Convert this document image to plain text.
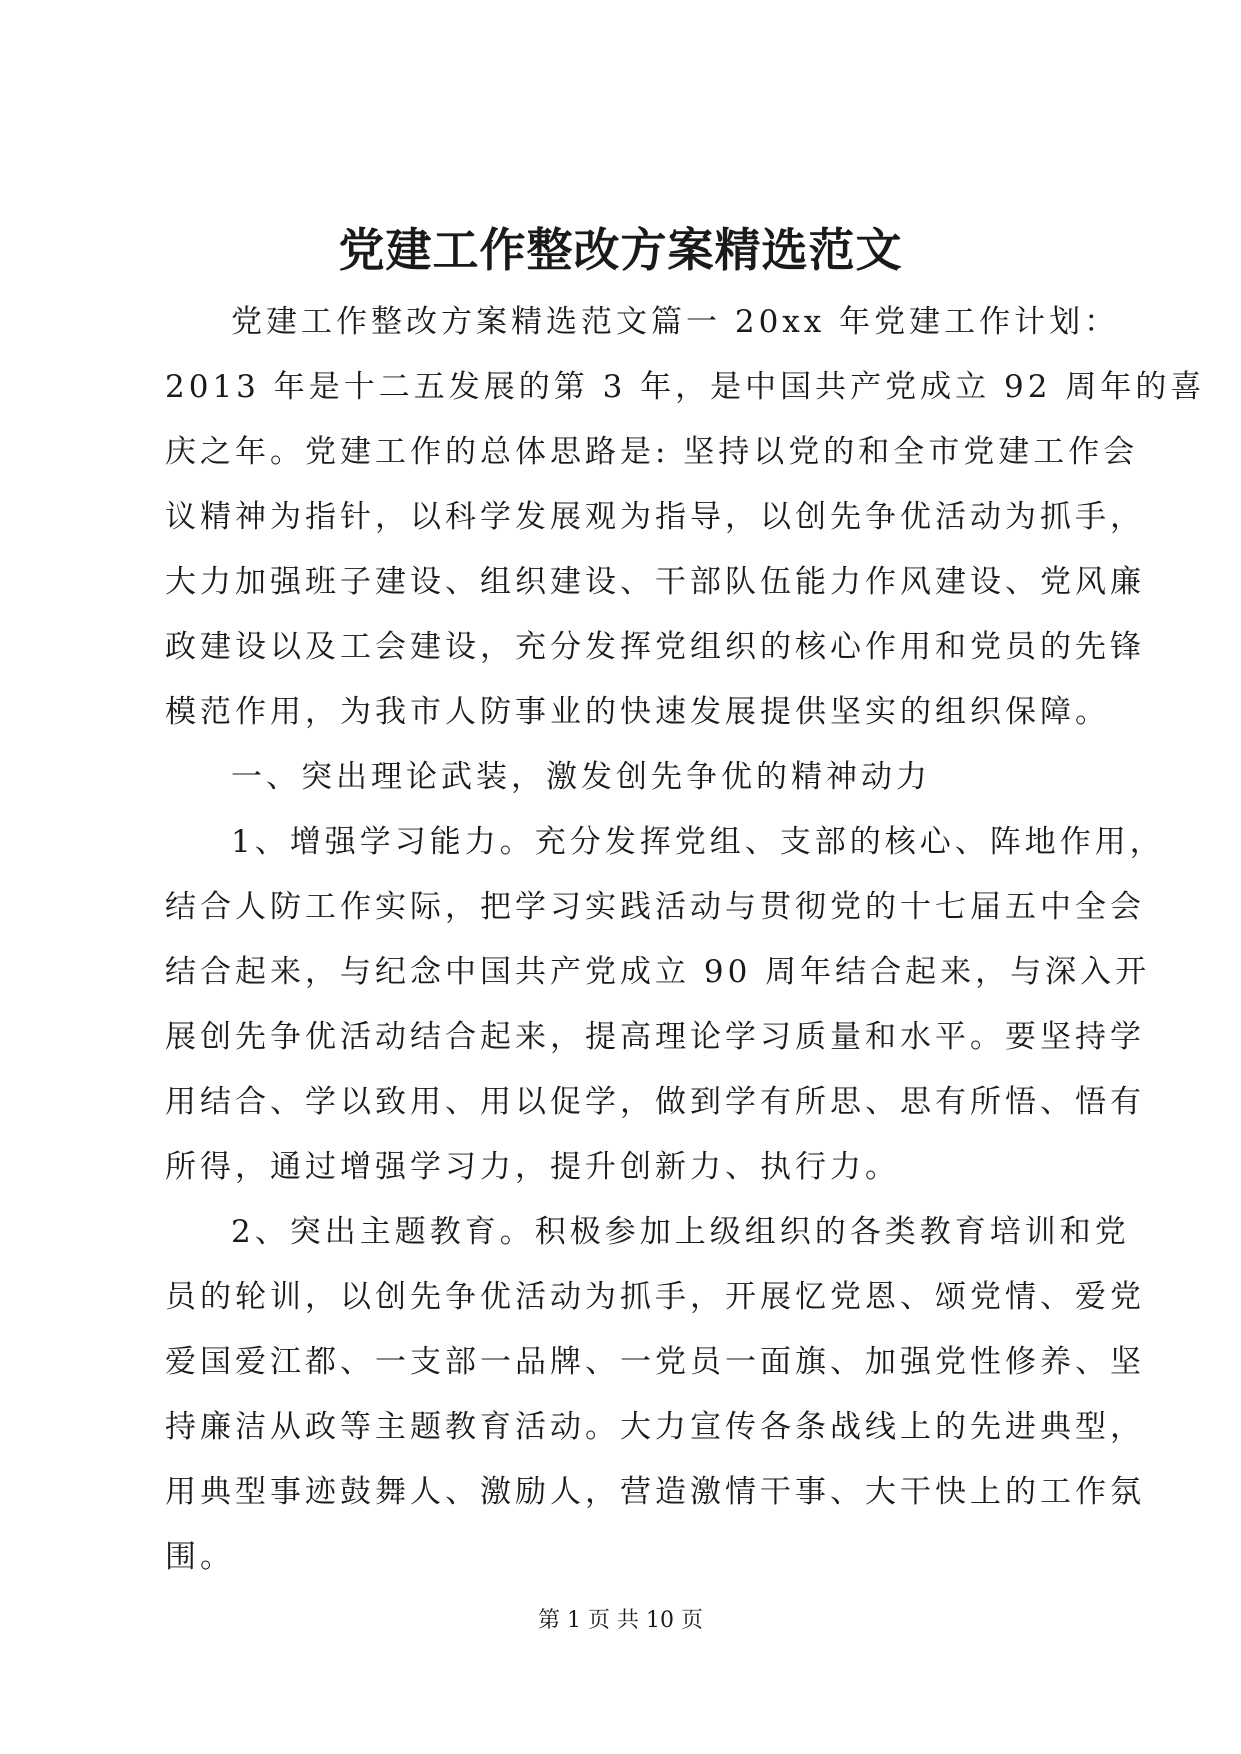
党建工作整改方案精选范文
党建工作整改方案精选范文篇一 20xx 年党建工作计划：
2013 年是十二五发展的第 3 年，是中国共产党成立 92 周年的喜
庆之年。党建工作的总体思路是: 坚持以党的和全市党建工作会
议精神为指针，以科学发展观为指导，以创先争优活动为抓手，
大力加强班子建设、组织建设、干部队伍能力作风建设、党风廉
政建设以及工会建设，充分发挥党组织的核心作用和党员的先锋
模范作用，为我市人防事业的快速发展提供坚实的组织保障。
一、突出理论武装，激发创先争优的精神动力
1、增强学习能力。充分发挥党组、支部的核心、阵地作用，
结合人防工作实际，把学习实践活动与贯彻党的十七届五中全会
结合起来，与纪念中国共产党成立 90 周年结合起来，与深入开
展创先争优活动结合起来，提高理论学习质量和水平。要坚持学
用结合、学以致用、用以促学，做到学有所思、思有所悟、悟有
所得，通过增强学习力，提升创新力、执行力。
2、突出主题教育。积极参加上级组织的各类教育培训和党
员的轮训，以创先争优活动为抓手，开展忆党恩、颂党情、爱党
爱国爱江都、一支部一品牌、一党员一面旗、加强党性修养、坚
持廉洁从政等主题教育活动。大力宣传各条战线上的先进典型，
用典型事迹鼓舞人、激励人，营造激情干事、大干快上的工作氛
围。
第 1 页 共 10 页
